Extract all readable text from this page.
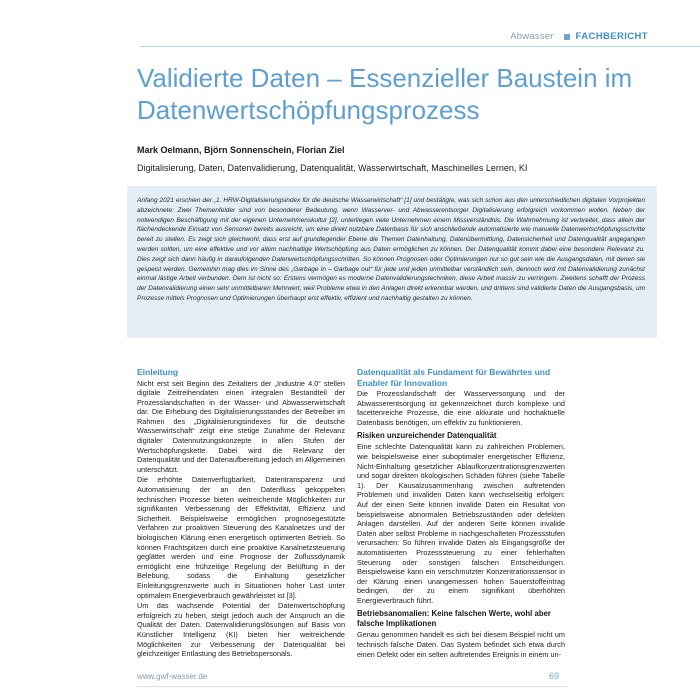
Abwasser FACHBERICHT
Validierte Daten – Essenzieller Baustein im Datenwertschöpfungsprozess
Mark Oelmann, Björn Sonnenschein, Florian Ziel
Digitalisierung, Daten, Datenvalidierung, Datenqualität, Wasserwirtschaft, Maschinelles Lernen, KI
Anfang 2021 erschien der „1. HRW-Digitalisierungsindex für die deutsche Wasserwirtschaft“ [1] und bestätigte, was sich schon aus den unterschiedlichen digitalen Vorprojekten abzeichnete: Zwei Themenfelder sind von besonderer Bedeutung, wenn Wasserver- und Abwasserentsorger Digitalisierung erfolgreich vorkommen wollen. Neben der notwendigen Beschäftigung mit der eigenen Unternehmenskultur [2], unterliegen viele Unternehmen einem Missverständnis. Die Wahrnehmung ist verbreitet, dass allein der flächendeckende Einsatz von Sensoren bereits ausreicht, um eine direkt nutzbare Datenbasis für sich anschließende automatisierte wie manuelle Datenwertschöpfungsschritte bereit zu stellen. Es zeigt sich gleichwohl, dass erst auf grundlegender Ebene die Themen Datenhaltung, Datenübermittlung, Datensicherheit und Datenqualität angegangen werden sollten, um eine effektive und vor allem nachhaltige Wertschöpfung aus Daten ermöglichen zu können. Der Datenqualität kommt dabei eine besondere Relevanz zu. Dies zeigt sich dann häufig in daraufolgenden Datenwertschöpfungsschritten. So können Prognosen oder Optimierungen nur so gut sein wie die Ausgangsdaten, mit denen sie gespeist werden. Gemeinhin mag dies im Sinne des „Garbage In – Garbage out“ für jede und jeden unmittelbar verständlich sein, dennoch wird mit Datenvalidierung zunächst einmal lästige Arbeit verbunden. Dem ist nicht so: Erstens vermögen es moderne Datenvalidierungstechniken, diese Arbeit massiv zu verringern. Zweitens schafft der Prozess der Datenvalidierung einen sehr unmittelbaren Mehrwert, weil Probleme etwa in den Anlagen direkt erkennbar werden, und drittens sind validierte Daten die Ausgangsbasis, um Prozesse mittels Prognosen und Optimierungen überhaupt erst effektiv, effizient und nachhaltig gestalten zu können.
Einleitung
Nicht erst seit Beginn des Zeitalters der „Industrie 4.0“ stellen digitale Zeitreihendaten einen integralen Bestandteil der Prozesslandschaften in der Wasser- und Abwasserwirtschaft dar. Die Erhebung des Digitalisierungsstandes der Betreiber im Rahmen des „Digitalisierungsindexes für die deutsche Wasserwirtschaft“ zeigt eine stetige Zunahme der Relevanz digitaler Datennutzungskonzepte in allen Stufen der Wertschöpfungskette. Dabei wird die Relevanz der Datenqualität und der Datenaufbereitung jedoch im Allgemeinen unterschätzt.
Die erhöhte Datenverfügbarkeit, Datentransparenz und Automatisierung der an den Datenfluss gekoppelten technischen Prozesse bieten weitreichende Möglichkeiten zur signifikanten Verbesserung der Effektivität, Effizienz und Sicherheit. Beispielsweise ermöglichen prognosegestützte Verfahren zur proaktiven Steuerung des Kanalnetzes und der biologischen Klärung einen energetisch optimierten Betrieb. So können Frachtspitzen durch eine proaktive Kanalnetzsteuerung geglättet werden und eine Prognose der Zuflussdynamik ermöglicht eine frühzeitige Regelung der Belüftung in der Belebung, sodass die Einhaltung gesetzlicher Einleitungsgrenzwerte auch in Situationen hoher Last unter optimalem Energieverbrauch gewährleistet ist [3].
Um das wachsende Potential der Datenwertschöpfung erfolgreich zu heben, steigt jedoch auch der Anspruch an die Qualität der Daten. Datenvalidierungslösungen auf Basis von Künstlicher Intelligenz (KI) bieten hier weitreichende Möglichkeiten zur Verbesserung der Datenqualität bei gleichzeitiger Entlastung des Betriebspersonals.
Datenqualität als Fundament für Bewährtes und Enabler für Innovation
Die Prozesslandschaft der Wasserversorgung und der Abwasserentsorgung ist gekennzeichnet durch komplexe und facettenreiche Prozesse, die eine akkurate und hochaktuelle Datenbasis benötigen, um effektiv zu funktionieren.
Risiken unzureichender Datenqualität
Eine schlechte Datenqualität kann zu zahlreichen Problemen, wie beispielsweise einer suboptimaler energetischer Effizienz, Nicht-Einhaltung gesetzlicher Ablaufkonzentrationsgrenzwerten und sogar direkten ökologischen Schäden führen (siehe Tabelle 1). Der Kausalzusammenhang zwischen auftretenden Problemen und invaliden Daten kann wechselseitig erfolgen: Auf der einen Seite können invalide Daten ein Resultat von beispielsweise abnormalen Betriebszuständen oder defekten Anlagen darstellen. Auf der anderen Seite können invalide Daten aber selbst Probleme in nachgeschalteten Prozessstufen verursachen: So führen invalide Daten als Eingangsgröße der automatisierten Prozesssteuerung zu einer fehlerhaften Steuerung oder sonstigen falschen Entscheidungen. Beispielsweise kann ein verschmutzter Konzentrationssensor in der Klärung einen unangemessen hohen Sauerstoffeintrag bedingen, der zu einem signifikant überhöhten Energieverbrauch führt.
Betriebsanomalien: Keine falschen Werte, wohl aber falsche Implikationen
Genau genommen handelt es sich bei diesem Beispiel nicht um technisch falsche Daten. Das System befindet sich etwa durch einen Defekt oder ein selten auftretendes Ereignis in einem un-
www.gwf-wasser.de	69
